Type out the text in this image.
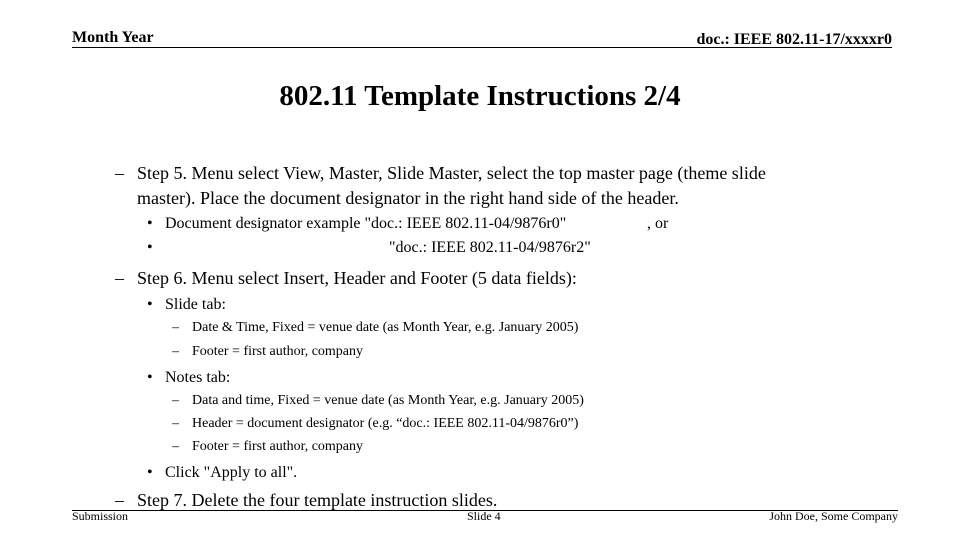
Month Year	doc.: IEEE 802.11-17/xxxxr0
802.11 Template Instructions 2/4
– Step 5. Menu select View, Master, Slide Master, select the top master page (theme slide
master). Place the document designator in the right hand side of the header.
• Document designator example "doc.: IEEE 802.11-04/9876r0"	, or
•	"doc.: IEEE 802.11-04/9876r2"
– Step 6. Menu select Insert, Header and Footer (5 data fields):
• Slide tab:
– Date & Time, Fixed = venue date (as Month Year, e.g. January 2005)
– Footer = first author, company
• Notes tab:
– Data and time, Fixed = venue date (as Month Year, e.g. January 2005)
– Header = document designator (e.g. “doc.: IEEE 802.11-04/9876r0”)
– Footer = first author, company
• Click "Apply to all".
– Step 7. Delete the four template instruction slides.
Submission	Slide 4	John Doe, Some Company
